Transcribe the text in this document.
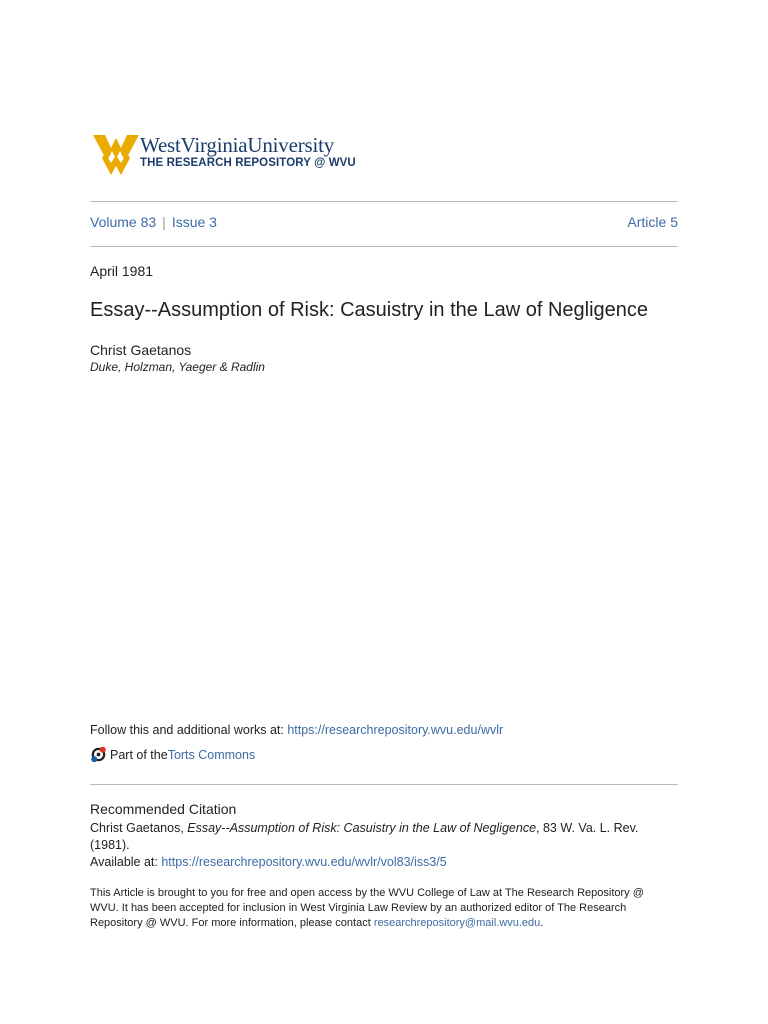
WestVirginiaUniversity
THE RESEARCH REPOSITORY @ WVU
Volume 83 | Issue 3	Article 5
April 1981
Essay--Assumption of Risk: Casuistry in the Law of Negligence
Christ Gaetanos
Duke, Holzman, Yaeger & Radlin
Follow this and additional works at: https://researchrepository.wvu.edu/wvlr
Part of the Torts Commons
Recommended Citation
Christ Gaetanos, Essay--Assumption of Risk: Casuistry in the Law of Negligence, 83 W. Va. L. Rev. (1981).
Available at: https://researchrepository.wvu.edu/wvlr/vol83/iss3/5
This Article is brought to you for free and open access by the WVU College of Law at The Research Repository @
WVU. It has been accepted for inclusion in West Virginia Law Review by an authorized editor of The Research
Repository @ WVU. For more information, please contact researchrepository@mail.wvu.edu.
